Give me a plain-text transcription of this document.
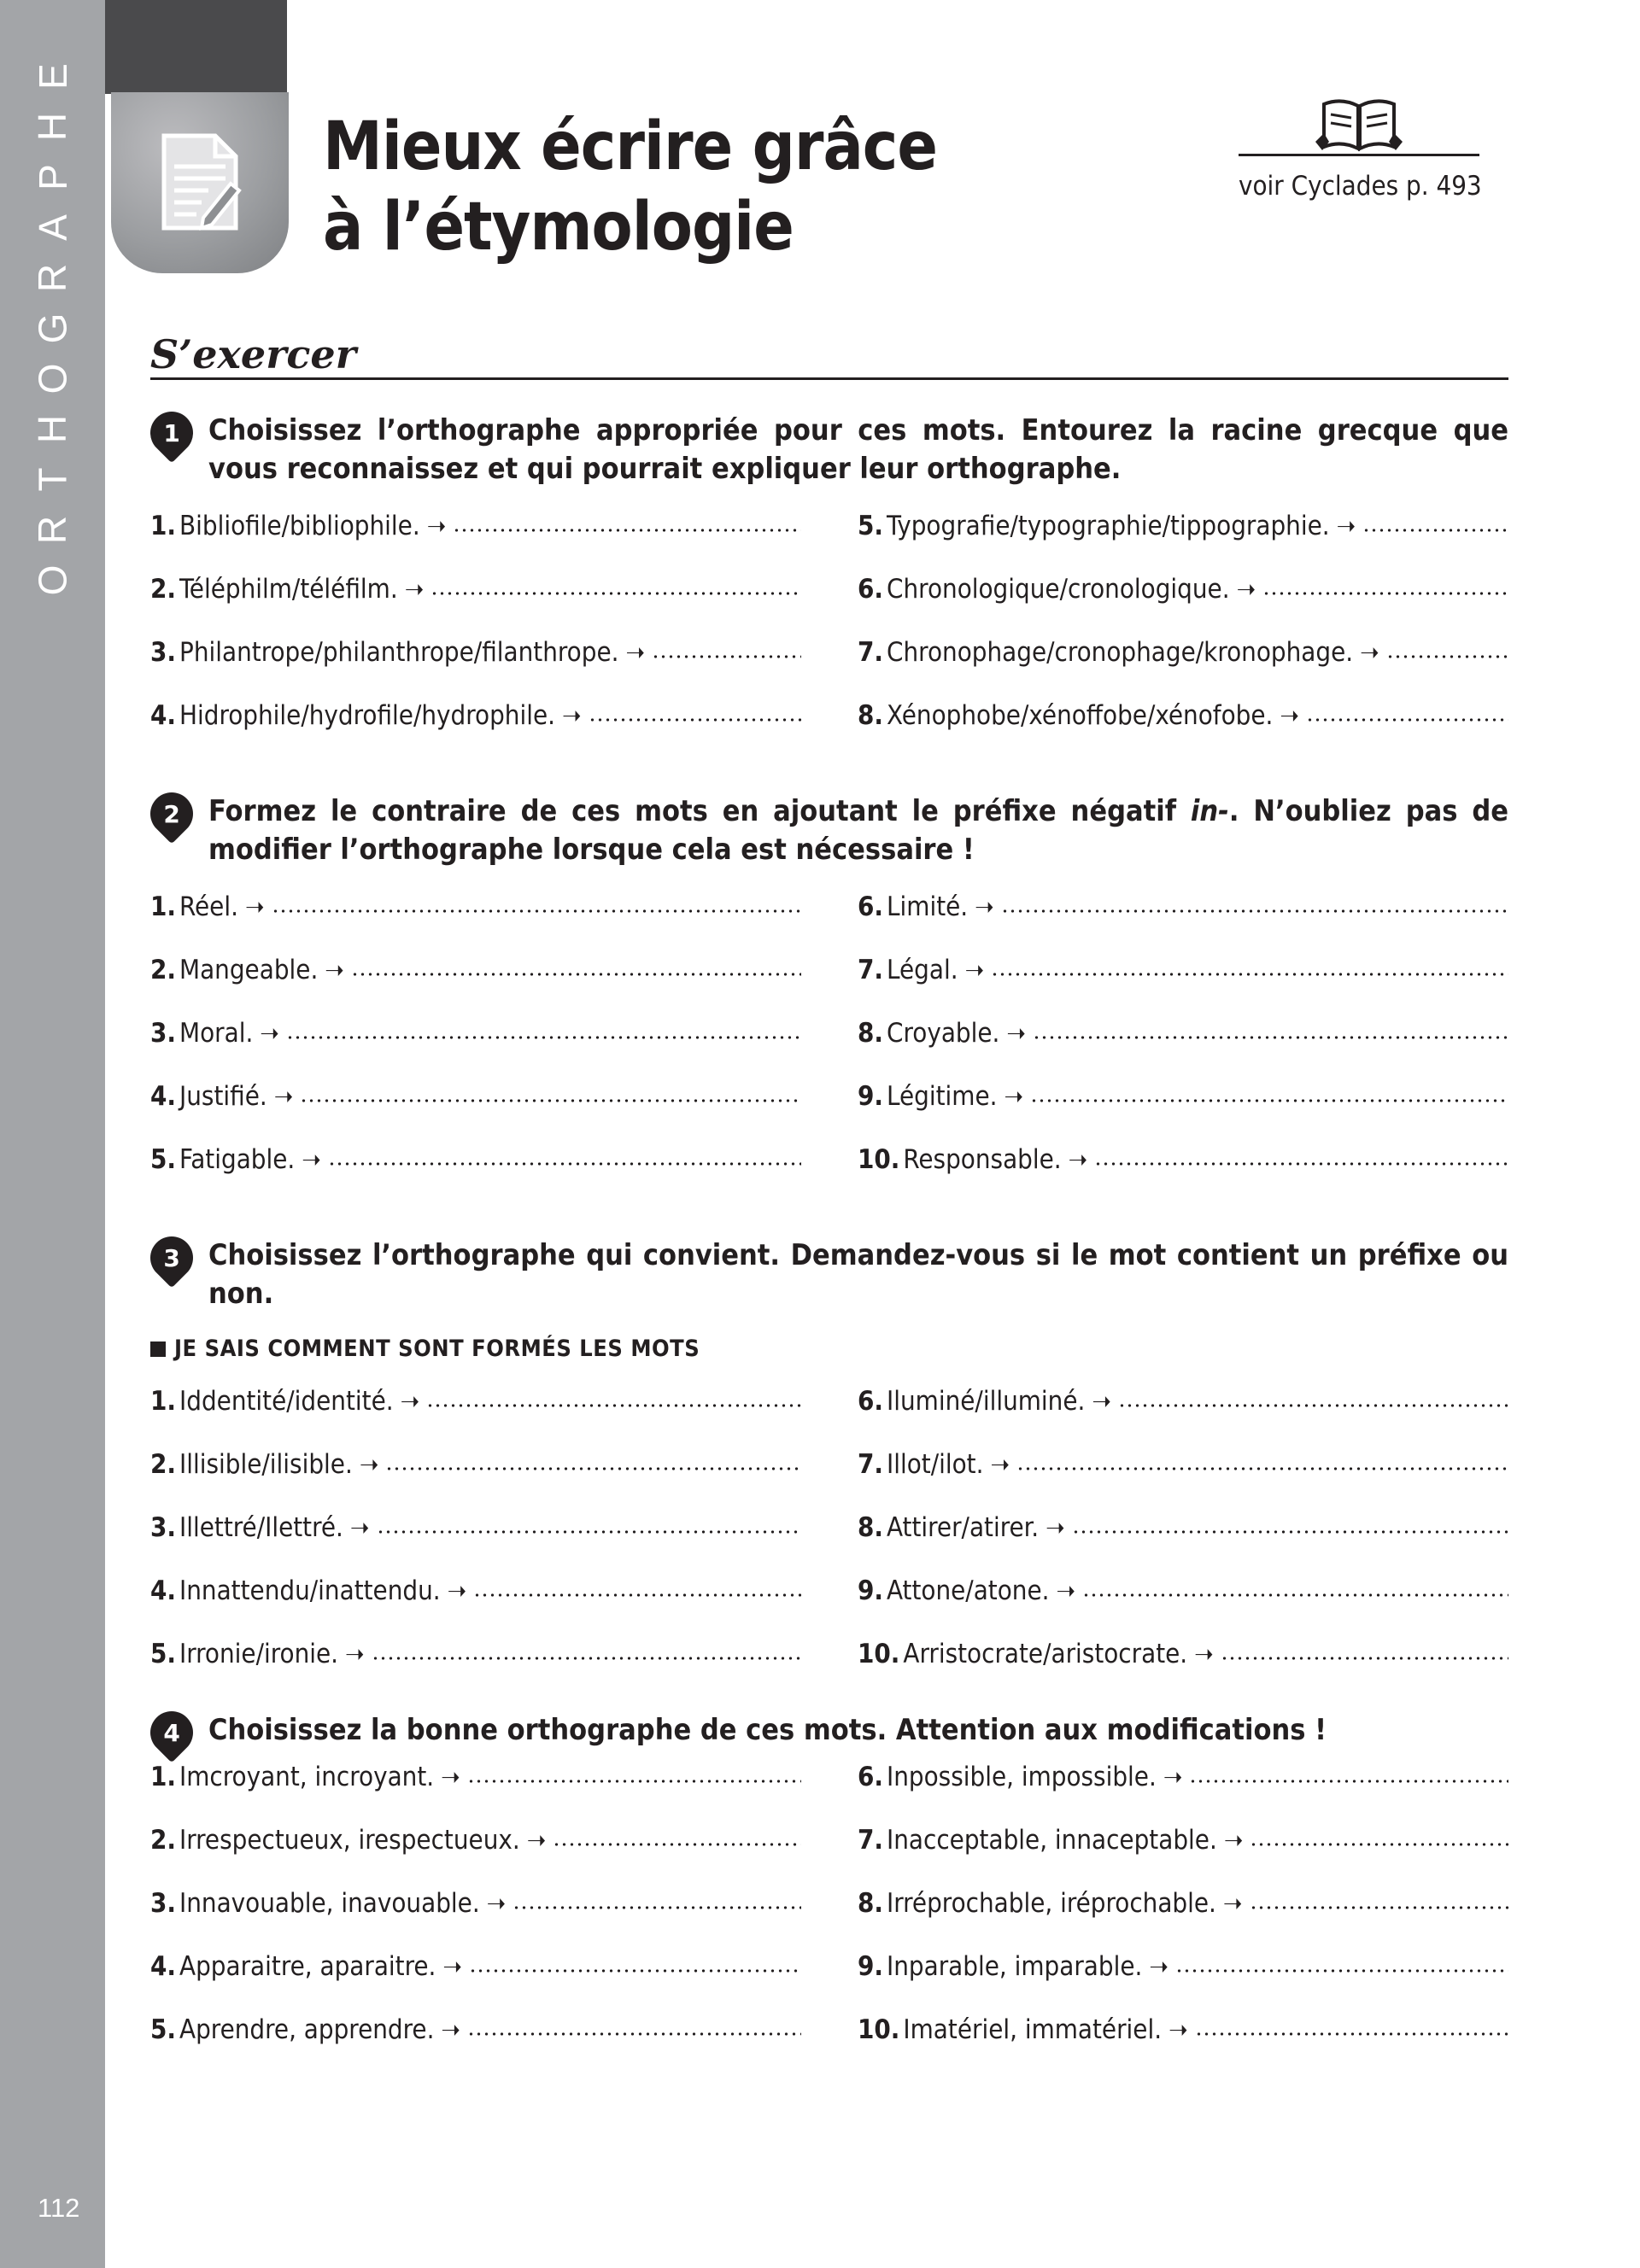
E
H
P
A
R
G
O
H
T
R
O
112
Mieux écrire grâce
à l’étymologie
voir Cyclades p. 493
S’exercer
1 Choisissez l’orthographe appropriée pour ces mots. Entourez la racine grecque que vous reconnaissez et qui pourrait expliquer leur orthographe.

1. Bibliofile/bibliophile. ➝	5. Typografie/typographie/tippographie. ➝
2. Téléphilm/téléfilm. ➝	6. Chronologique/cronologique. ➝
3. Philantrope/philanthrope/filanthrope. ➝	7. Chronophage/cronophage/kronophage. ➝
4. Hidrophile/hydrofile/hydrophile. ➝	8. Xénophobe/xénoffobe/xénofobe. ➝
2 Formez le contraire de ces mots en ajoutant le préfixe négatif in-. N’oubliez pas de modifier l’orthographe lorsque cela est nécessaire !

1. Réel. ➝	6. Limité. ➝
2. Mangeable. ➝	7. Légal. ➝
3. Moral. ➝	8. Croyable. ➝
4. Justifié. ➝	9. Légitime. ➝
5. Fatigable. ➝	10. Responsable. ➝
3 Choisissez l’orthographe qui convient. Demandez-vous si le mot contient un préfixe ou non.

JE SAIS COMMENT SONT FORMÉS LES MOTS
1. Iddentité/identité. ➝	6. Iluminé/illuminé. ➝
2. Illisible/ilisible. ➝	7. Illot/ilot. ➝
3. Illettré/Ilettré. ➝	8. Attirer/atirer. ➝
4. Innattendu/inattendu. ➝	9. Attone/atone. ➝
5. Irronie/ironie. ➝	10. Arristocrate/aristocrate. ➝
4 Choisissez la bonne orthographe de ces mots. Attention aux modifications !

1. Imcroyant, incroyant. ➝	6. Inpossible, impossible. ➝
2. Irrespectueux, irespectueux. ➝	7. Inacceptable, innaceptable. ➝
3. Innavouable, inavouable. ➝	8. Irréprochable, iréprochable. ➝
4. Apparaitre, aparaitre. ➝	9. Inparable, imparable. ➝
5. Aprendre, apprendre. ➝	10. Imatériel, immatériel. ➝
